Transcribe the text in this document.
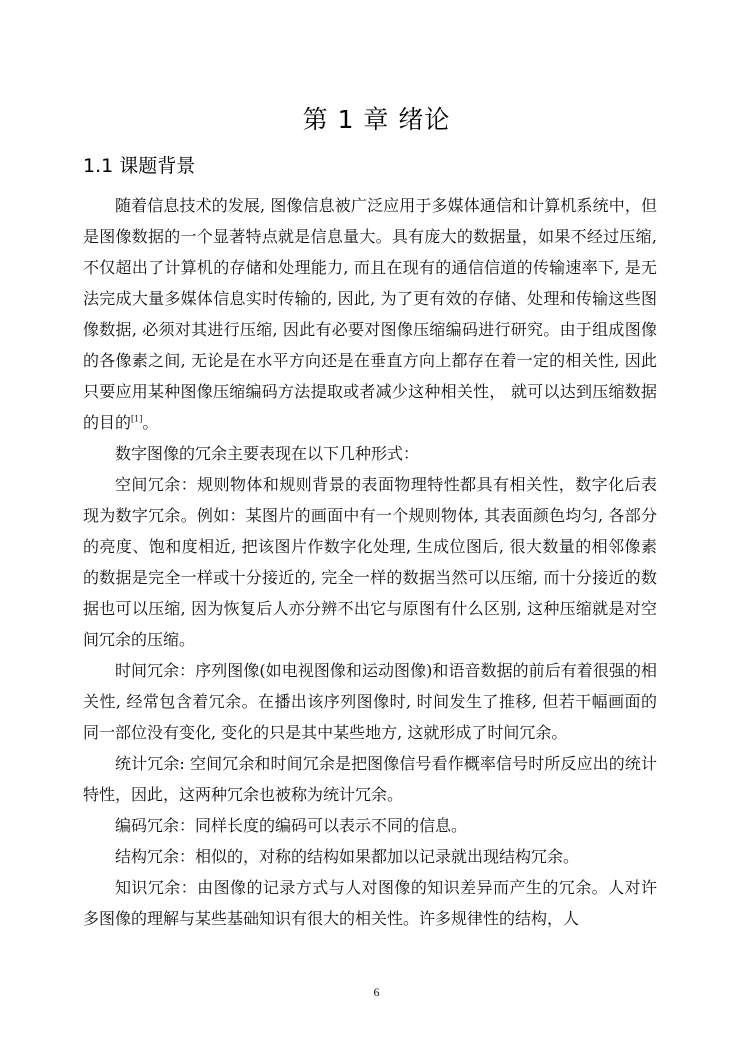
第 1 章 绪论
1.1 课题背景

随着信息技术的发展, 图像信息被广泛应用于多媒体通信和计算机系统中，但是图像数据的一个显著特点就是信息量大。具有庞大的数据量，如果不经过压缩, 不仅超出了计算机的存储和处理能力, 而且在现有的通信信道的传输速率下, 是无法完成大量多媒体信息实时传输的, 因此, 为了更有效的存储、处理和传输这些图像数据, 必须对其进行压缩, 因此有必要对图像压缩编码进行研究。由于组成图像的各像素之间, 无论是在水平方向还是在垂直方向上都存在着一定的相关性, 因此只要应用某种图像压缩编码方法提取或者减少这种相关性， 就可以达到压缩数据的目的[1]。

数字图像的冗余主要表现在以下几种形式：

空间冗余：规则物体和规则背景的表面物理特性都具有相关性，数字化后表现为数字冗余。例如：某图片的画面中有一个规则物体, 其表面颜色均匀, 各部分的亮度、饱和度相近, 把该图片作数字化处理, 生成位图后, 很大数量的相邻像素的数据是完全一样或十分接近的, 完全一样的数据当然可以压缩, 而十分接近的数据也可以压缩, 因为恢复后人亦分辨不出它与原图有什么区别, 这种压缩就是对空间冗余的压缩。

时间冗余：序列图像(如电视图像和运动图像)和语音数据的前后有着很强的相关性, 经常包含着冗余。在播出该序列图像时, 时间发生了推移, 但若干幅画面的同一部位没有变化, 变化的只是其中某些地方, 这就形成了时间冗余。

统计冗余: 空间冗余和时间冗余是把图像信号看作概率信号时所反应出的统计特性，因此，这两种冗余也被称为统计冗余。

编码冗余：同样长度的编码可以表示不同的信息。

结构冗余：相似的，对称的结构如果都加以记录就出现结构冗余。

知识冗余：由图像的记录方式与人对图像的知识差异而产生的冗余。人对许多图像的理解与某些基础知识有很大的相关性。许多规律性的结构，人

6
